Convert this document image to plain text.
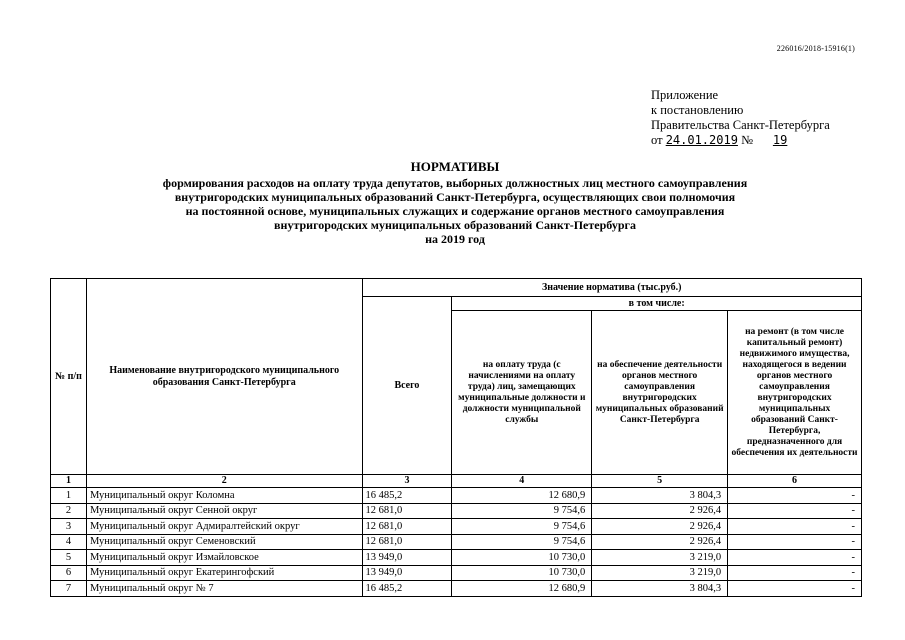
226016/2018-15916(1)
Приложение
к постановлению
Правительства Санкт-Петербурга
от 24.01.2019 № 19
НОРМАТИВЫ
формирования расходов на оплату труда депутатов, выборных должностных лиц местного самоуправления
внутригородских муниципальных образований Санкт-Петербурга, осуществляющих свои полномочия
на постоянной основе, муниципальных служащих и содержание органов местного самоуправления
внутригородских муниципальных образований Санкт-Петербурга
на 2019 год
№ п/п	Наименование внутригородского муниципального образования Санкт-Петербурга	Значение норматива (тыс.руб.)			
		Всего	в том числе:		
			на оплату труда (с начислениями на оплату труда) лиц, замещающих муниципальные должности и должности муниципальной службы	на обеспечение деятельности органов местного самоуправления внутригородских муниципальных образований Санкт-Петербурга	на ремонт (в том числе капитальный ремонт) недвижимого имущества, находящегося в ведении органов местного самоуправления внутригородских муниципальных образований Санкт-Петербурга, предназначенного для обеспечения их деятельности
1	2	3	4	5	6
1	Муниципальный округ Коломна	16 485,2	12 680,9	3 804,3	-
2	Муниципальный округ Сенной округ	12 681,0	9 754,6	2 926,4	-
3	Муниципальный округ Адмиралтейский округ	12 681,0	9 754,6	2 926,4	-
4	Муниципальный округ Семеновский	12 681,0	9 754,6	2 926,4	-
5	Муниципальный округ Измайловское	13 949,0	10 730,0	3 219,0	-
6	Муниципальный округ Екатерингофский	13 949,0	10 730,0	3 219,0	-
7	Муниципальный округ № 7	16 485,2	12 680,9	3 804,3	-
